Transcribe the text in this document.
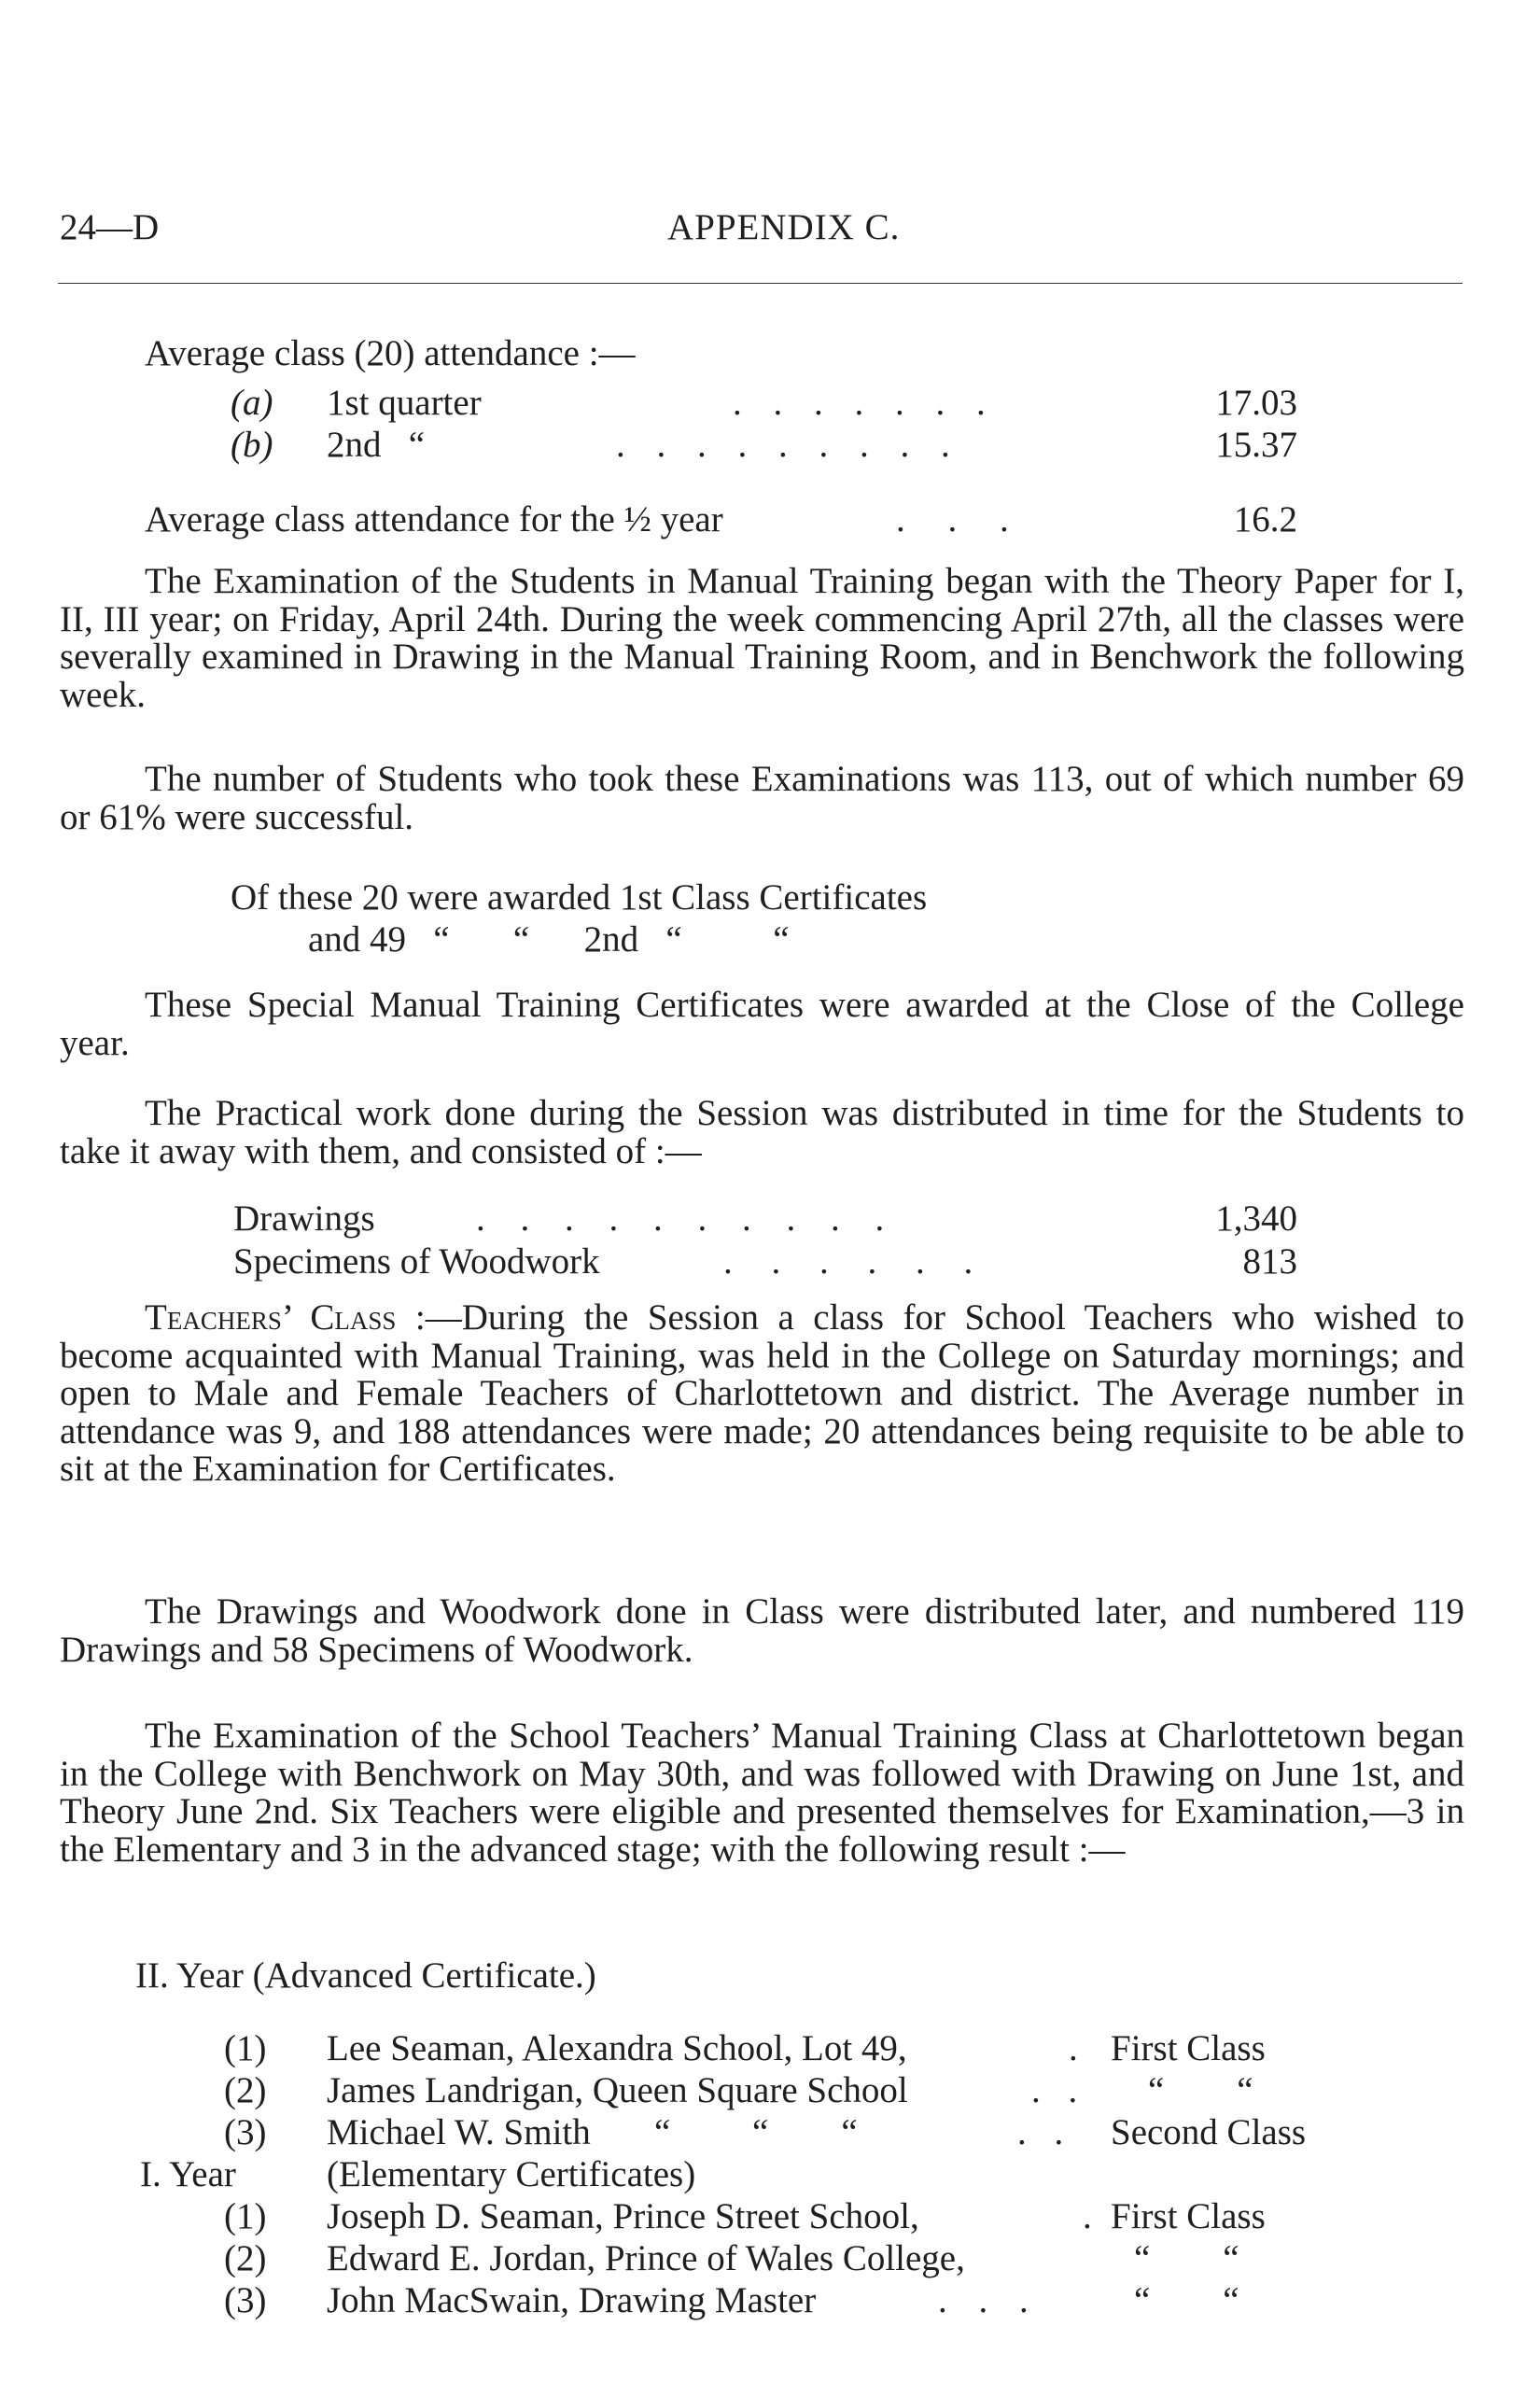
24—D	APPENDIX C.
Average class (20) attendance :—
(a) 1st quarter	. . . . . . .	17.03
(b) 2nd   “	. . . . . . . . .	15.37
Average class attendance for the ½ year	. . .	16.2
The Examination of the Students in Manual Training began with the Theory Paper for I, II, III year; on Friday, April 24th. During the week commencing April 27th, all the classes were severally examined in Drawing in the Manual Training Room, and in Benchwork the following week.
The number of Students who took these Examinations was 113, out of which number 69 or 61% were successful.
Of these 20 were awarded 1st Class Certificates
and 49   “       “      2nd   “          “
These Special Manual Training Certificates were awarded at the Close of the College year.
The Practical work done during the Session was distributed in time for the Students to take it away with them, and consisted of :—
Drawings	. . . . . . . . . .	1,340
Specimens of Woodwork	. . . . . .	813
Teachers’ Class :—During the Session a class for School Teachers who wished to become acquainted with Manual Training, was held in the College on Saturday mornings; and open to Male and Female Teachers of Charlottetown and district. The Average number in attendance was 9, and 188 attendances were made; 20 attendances being requisite to be able to sit at the Examination for Certificates.
The Drawings and Woodwork done in Class were distributed later, and numbered 119 Drawings and 58 Specimens of Woodwork.
The Examination of the School Teachers’ Manual Training Class at Charlottetown began in the College with Benchwork on May 30th, and was followed with Drawing on June 1st, and Theory June 2nd. Six Teachers were eligible and presented themselves for Examination,—3 in the Elementary and 3 in the advanced stage; with the following result :—
II. Year (Advanced Certificate.)
(1) Lee Seaman, Alexandra School, Lot 49,	. First Class
(2) James Landrigan, Queen Square School	. . “        “
(3) Michael W. Smith       “         “        “	. . Second Class
I. Year (Elementary Certificates)
(1) Joseph D. Seaman, Prince Street School,	. First Class
(2) Edward E. Jordan, Prince of Wales College,	“        “
(3) John MacSwain, Drawing Master	. . .	“        “
